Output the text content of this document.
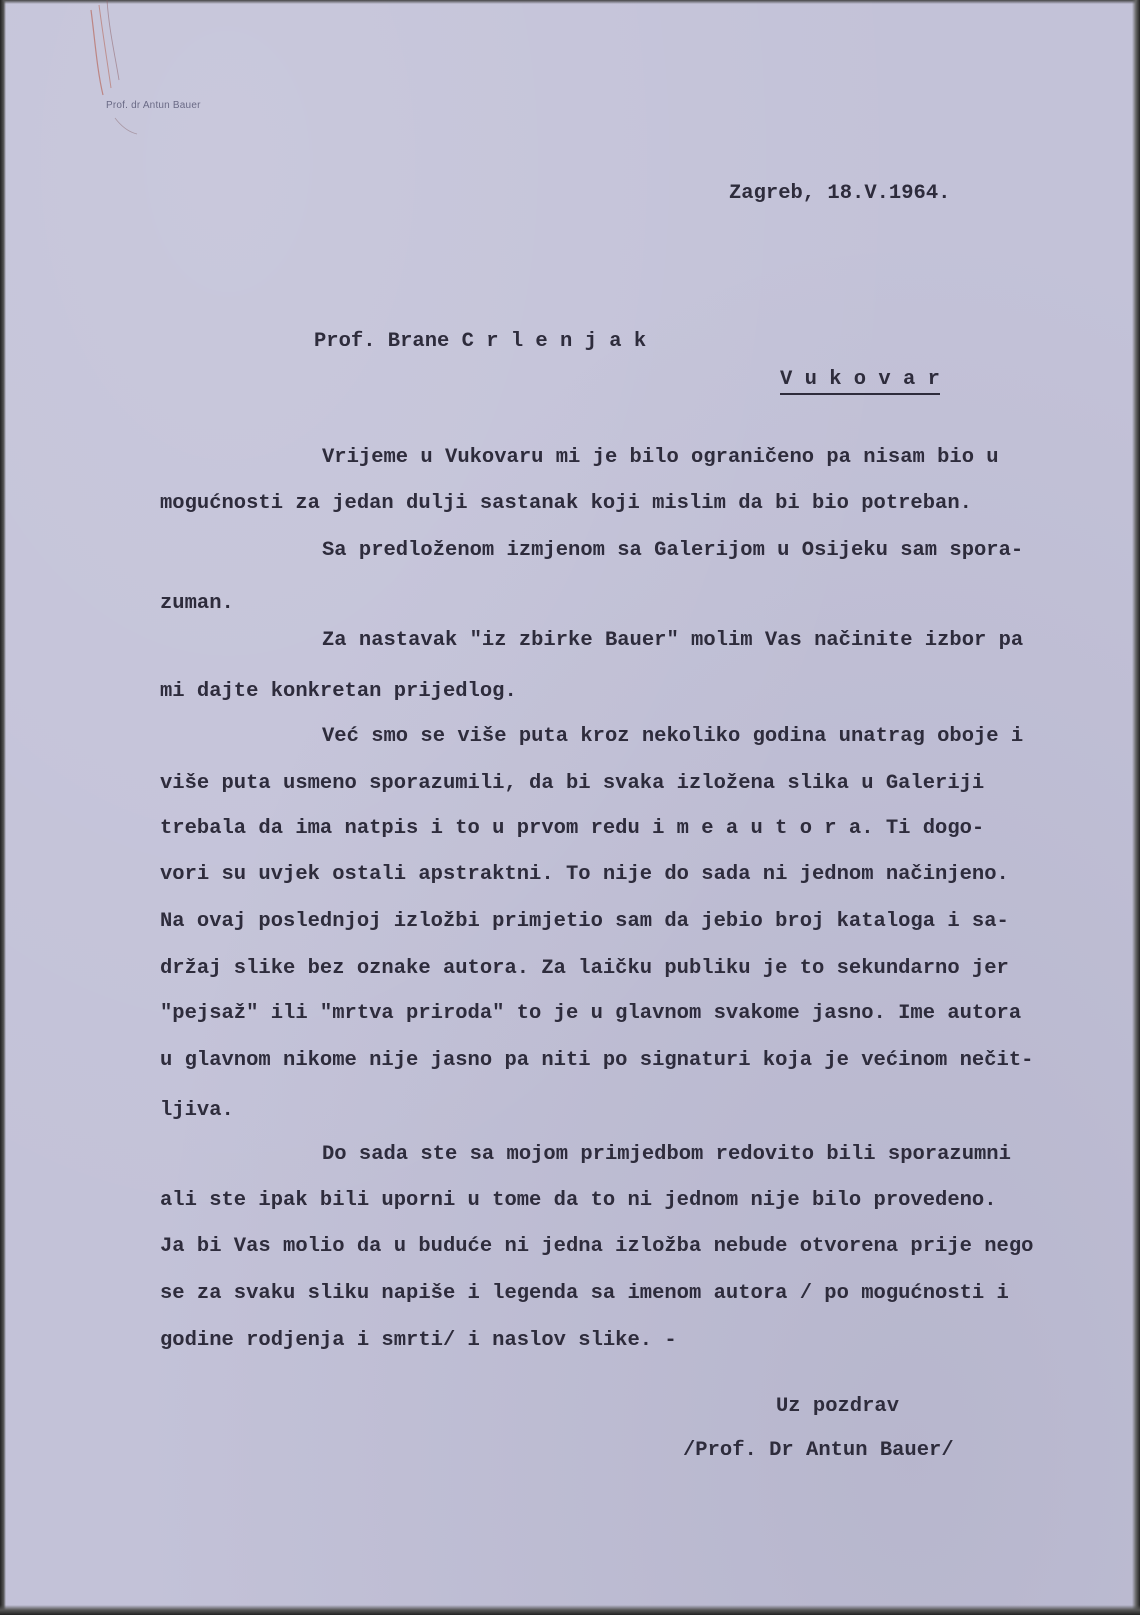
Prof. dr Antun Bauer
Zagreb, 18.V.1964.
Prof. Brane C r l e n j a k
V u k o v a r
Vrijeme u Vukovaru mi je bilo ograničeno pa nisam bio u
mogućnosti za jedan dulji sastanak koji mislim da bi bio potreban.
Sa predloženom izmjenom sa Galerijom u Osijeku sam spora-
zuman.
Za nastavak "iz zbirke Bauer" molim Vas načinite izbor pa
mi dajte konkretan prijedlog.
Već smo se više puta kroz nekoliko godina unatrag oboje i
više puta usmeno sporazumili, da bi svaka izložena slika u Galeriji
trebala da ima natpis i to u prvom redu i m e a u t o r a. Ti dogo-
vori su uvjek ostali apstraktni. To nije do sada ni jednom načinjeno.
Na ovaj poslednjoj izložbi primjetio sam da jebio broj kataloga i sa-
držaj slike bez oznake autora. Za laičku publiku je to sekundarno jer
"pejsaž" ili "mrtva priroda" to je u glavnom svakome jasno. Ime autora
u glavnom nikome nije jasno pa niti po signaturi koja je većinom nečit-
ljiva.
Do sada ste sa mojom primjedbom redovito bili sporazumni
ali ste ipak bili uporni u tome da to ni jednom nije bilo provedeno.
Ja bi Vas molio da u buduće ni jedna izložba nebude otvorena prije nego
se za svaku sliku napiše i legenda sa imenom autora / po mogućnosti i
godine rodjenja i smrti/ i naslov slike. -
Uz pozdrav
/Prof. Dr Antun Bauer/
